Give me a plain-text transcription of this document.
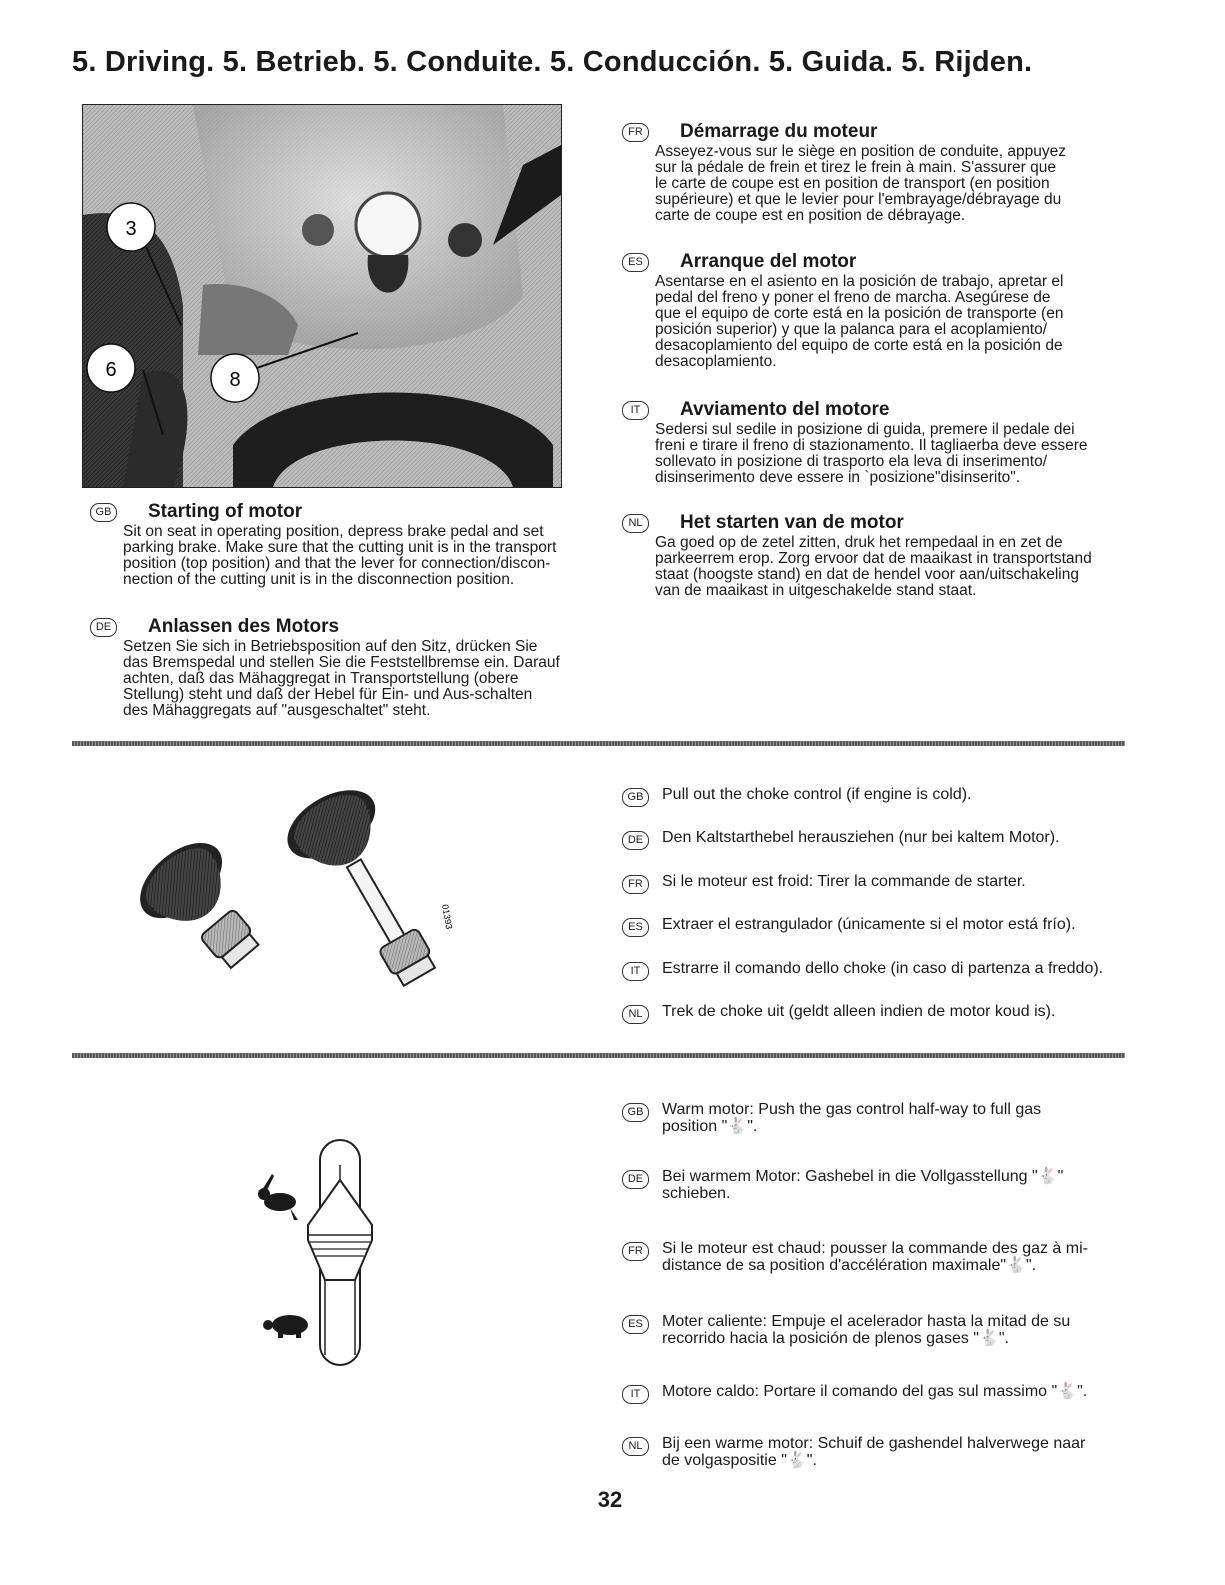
5. Driving. 5. Betrieb. 5. Conduite. 5. Conducción. 5. Guida. 5. Rijden.
3
6	8
GB Starting of motor

Sit on seat in operating position, depress brake pedal and set

parking brake. Make sure that the cutting unit is in the transport

position (top position) and that the lever for connection/discon-

nection of the cutting unit is in the disconnection position.

DE	Anlassen des Motors

Setzen Sie sich in Betriebsposition auf den Sitz, drücken Sie

das Bremspedal und stellen Sie die Feststellbremse ein. Darauf

achten, daß das Mähaggregat in Transportstellung (obere

Stellung) steht und daß der Hebel für Ein- und Aus-schalten

des Mähaggregats auf "ausgeschaltet" steht.

FR	Démarrage du moteur

Asseyez-vous sur le siège en position de conduite, appuyez

sur la pédale de frein et tirez le frein à main. S'assurer que

le carte de coupe est en position de transport (en position

supérieure) et que le levier pour l'embrayage/débrayage du

carte de coupe est en position de débrayage.

ES	Arranque del motor

Asentarse en el asiento en la posición de trabajo, apretar el

pedal del freno y poner el freno de marcha. Asegúrese de

que el equipo de corte está en la posición de transporte (en

posición superior) y que la palanca para el acoplamiento/

desacoplamiento del equipo de corte está en la posición de

desacoplamiento.

IT	Avviamento del motore

Sedersi sul sedile in posizione di guida, premere il pedale dei

freni e tirare il freno di stazionamento. Il tagliaerba deve essere

sollevato in posizione di trasporto ela leva di inserimento/

disinserimento deve essere in `posizione"disinserito".

NL	Het starten van de motor

Ga goed op de zetel zitten, druk het rempedaal in en zet de

parkeerrem erop. Zorg ervoor dat de maaikast in transportstand

staat (hoogste stand) en dat de hendel voor aan/uitschakeling

van de maaikast in uitgeschakelde stand staat.

01393
GB	Pull out the choke control (if engine is cold).
DE	Den Kaltstarthebel herausziehen (nur bei kaltem Motor).
FR	Si le moteur est froid: Tirer la commande de starter.
ES	Extraer el estrangulador (únicamente si el motor está frío).
IT	Estrarre il comando dello choke (in caso di partenza a freddo).
NL	Trek de choke uit (geldt alleen indien de motor koud is).
GB	Warm motor: Push the gas control half-way to full gas
position "🐇".
DE	Bei warmem Motor: Gashebel in die Vollgasstellung "🐇"
schieben.
FR	Si le moteur est chaud: pousser la commande des gaz à mi-
distance de sa position d'accélération maximale"🐇".
ES	Moter caliente: Empuje el acelerador hasta la mitad de su
recorrido hacia la posición de plenos gases "🐇".
IT	Motore caldo: Portare il comando del gas sul massimo "🐇".
NL	Bij een warme motor: Schuif de gashendel halverwege naar
de volgaspositie "🐇".
32
